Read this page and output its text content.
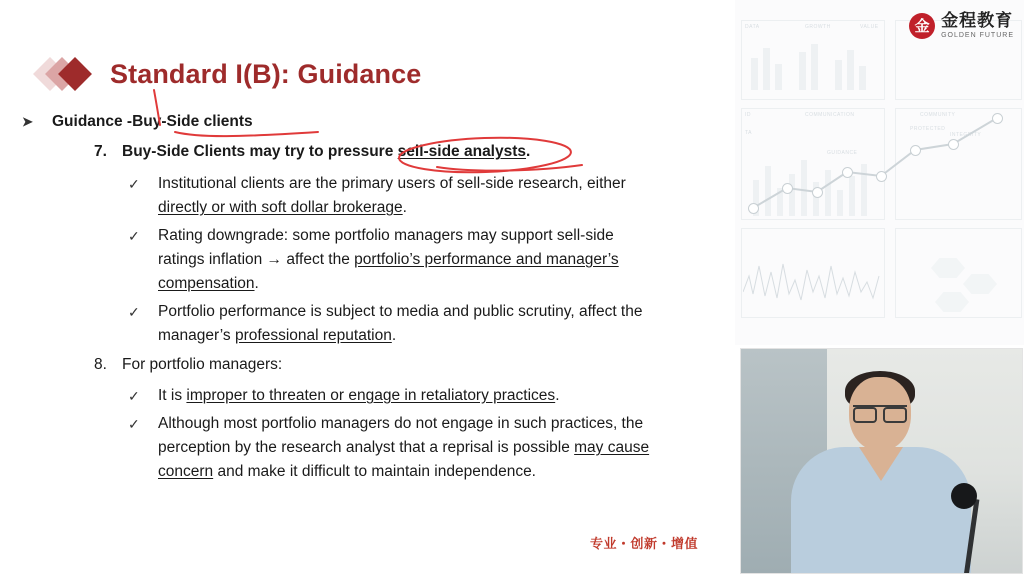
Standard I(B): Guidance
➤ Guidance -Buy-Side clients
7. Buy-Side Clients may try to pressure sell-side analysts.
✓ Institutional clients are the primary users of sell-side research, either directly or with soft dollar brokerage.
✓ Rating downgrade: some portfolio managers may support sell-side ratings inflation → affect the portfolio’s performance and manager’s compensation.
✓ Portfolio performance is subject to media and public scrutiny, affect the manager’s professional reputation.
8. For portfolio managers:
✓ It is improper to threaten or engage in retaliatory practices.
✓ Although most portfolio managers do not engage in such practices, the perception by the research analyst that a reprisal is possible may cause concern and make it difficult to maintain independence.
专业・创新・增值
DATA	GROWTH	VALUE
ID	COMMUNICATION	COMMUNITY
TA
PROTECTED
INTEGRITY
GUIDANCE
金 金程教育
GOLDEN FUTURE
